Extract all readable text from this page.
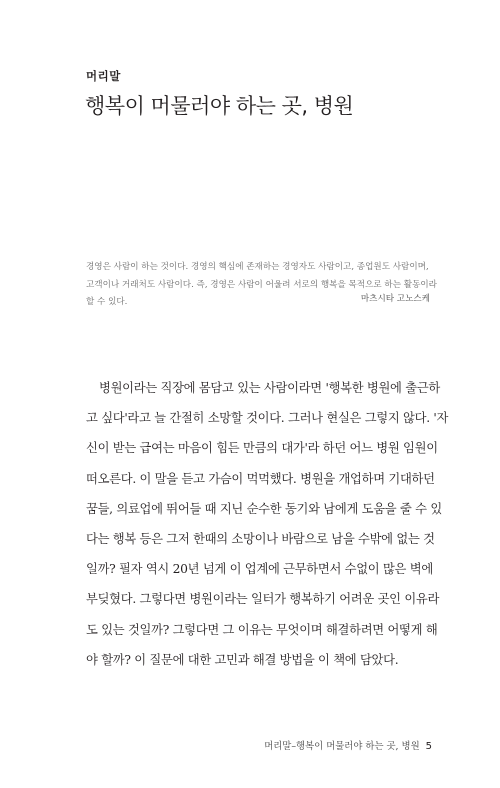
머리말
행복이 머물러야 하는 곳, 병원
경영은 사람이 하는 것이다. 경영의 핵심에 존재하는 경영자도 사람이고, 종업원도 사람이며,
고객이나 거래처도 사람이다. 즉, 경영은 사람이 어울려 서로의 행복을 목적으로 하는 활동이라
할 수 있다.	마츠시타 고노스케
병원이라는 직장에 몸담고 있는 사람이라면 '행복한 병원에 출근하
고 싶다'라고 늘 간절히 소망할 것이다. 그러나 현실은 그렇지 않다. '자
신이 받는 급여는 마음이 힘든 만큼의 대가'라 하던 어느 병원 임원이
떠오른다. 이 말을 듣고 가슴이 먹먹했다. 병원을 개업하며 기대하던
꿈들, 의료업에 뛰어들 때 지닌 순수한 동기와 남에게 도움을 줄 수 있
다는 행복 등은 그저 한때의 소망이나 바람으로 남을 수밖에 없는 것
일까? 필자 역시 20년 넘게 이 업계에 근무하면서 수없이 많은 벽에
부딪혔다. 그렇다면 병원이라는 일터가 행복하기 어려운 곳인 이유라
도 있는 것일까? 그렇다면 그 이유는 무엇이며 해결하려면 어떻게 해
야 할까? 이 질문에 대한 고민과 해결 방법을 이 책에 담았다.
머리말–행복이 머물러야 하는 곳, 병원 5
